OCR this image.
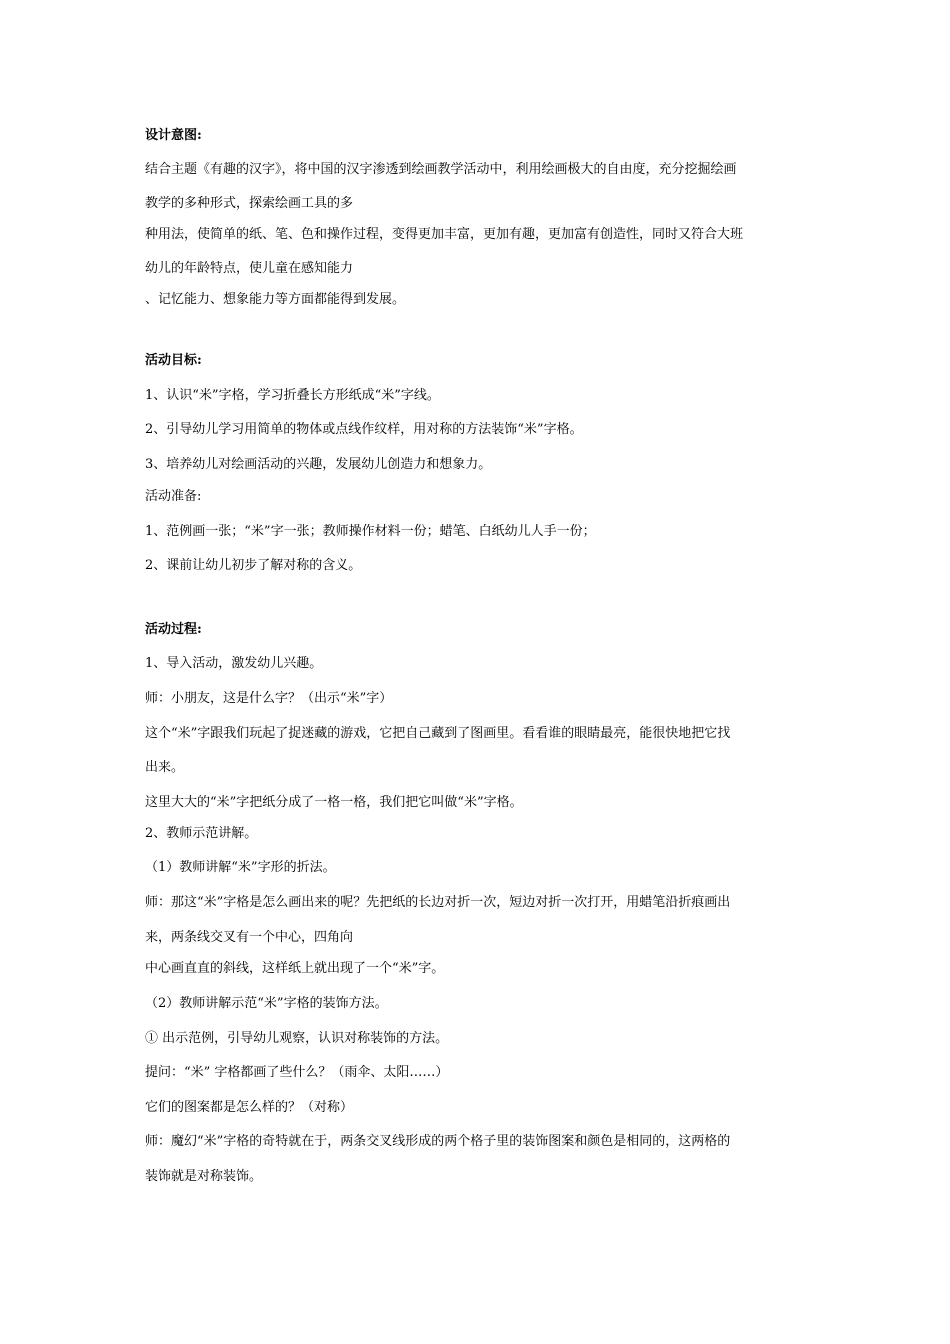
设计意图:
结合主题《有趣的汉字》，将中国的汉字渗透到绘画教学活动中，利用绘画极大的自由度，充分挖掘绘画
教学的多种形式，探索绘画工具的多
种用法，使简单的纸、笔、色和操作过程，变得更加丰富，更加有趣，更加富有创造性，同时又符合大班
幼儿的年龄特点，使儿童在感知能力
、记忆能力、想象能力等方面都能得到发展。
活动目标:
1、认识“米”字格，学习折叠长方形纸成“米”字线。
2、引导幼儿学习用简单的物体或点线作纹样，用对称的方法装饰“米”字格。
3、培养幼儿对绘画活动的兴趣，发展幼儿创造力和想象力。
活动准备:
1、范例画一张；“米”字一张；教师操作材料一份；蜡笔、白纸幼儿人手一份；
2、课前让幼儿初步了解对称的含义。
活动过程:
1、导入活动，激发幼儿兴趣。
师：小朋友，这是什么字？（出示“米”字）
这个“米”字跟我们玩起了捉迷藏的游戏，它把自己藏到了图画里。看看谁的眼睛最亮，能很快地把它找
出来。
这里大大的“米”字把纸分成了一格一格，我们把它叫做“米”字格。
2、教师示范讲解。
（1）教师讲解“米”字形的折法。
师：那这“米”字格是怎么画出来的呢？先把纸的长边对折一次，短边对折一次打开，用蜡笔沿折痕画出
来，两条线交叉有一个中心，四角向
中心画直直的斜线，这样纸上就出现了一个“米”字。
（2）教师讲解示范“米”字格的装饰方法。
① 出示范例，引导幼儿观察，认识对称装饰的方法。
提问：“米” 字格都画了些什么？（雨伞、太阳……）
它们的图案都是怎么样的？（对称）
师：魔幻“米”字格的奇特就在于，两条交叉线形成的两个格子里的装饰图案和颜色是相同的，这两格的
装饰就是对称装饰。
